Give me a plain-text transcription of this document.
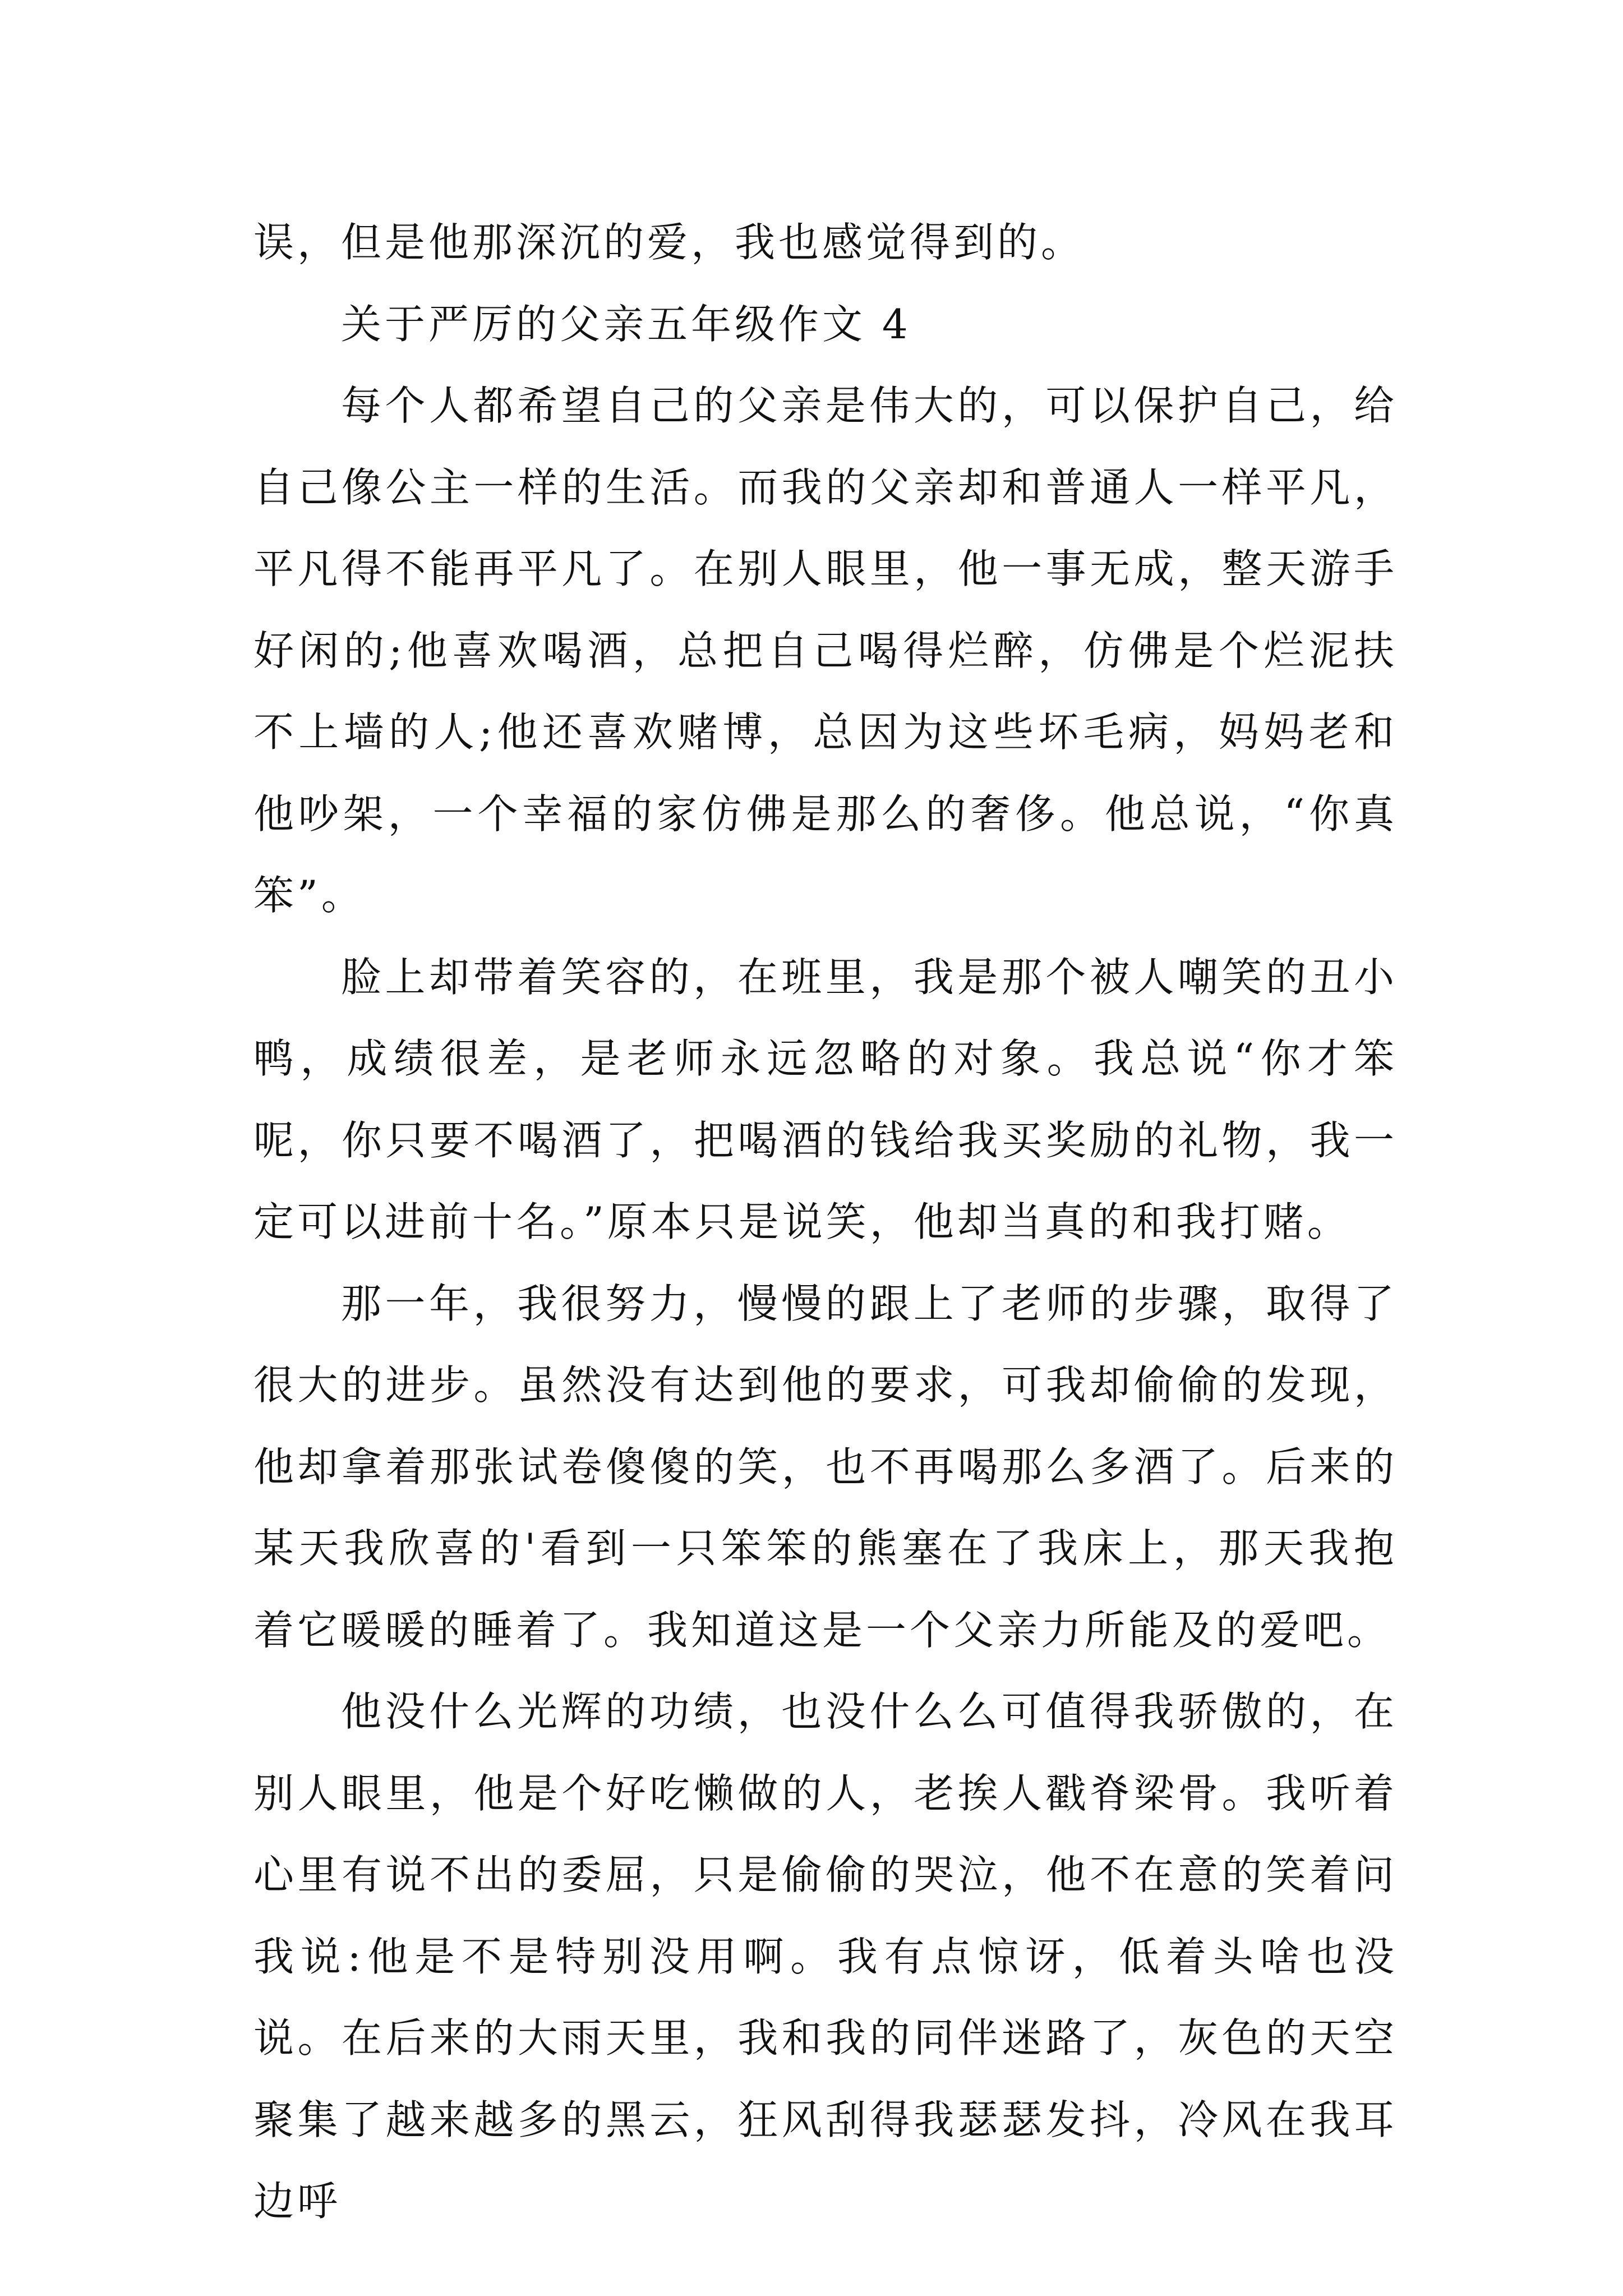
误，但是他那深沉的爱，我也感觉得到的。

关于严厉的父亲五年级作文 4

每个人都希望自己的父亲是伟大的，可以保护自己，给自己像公主一样的生活。而我的父亲却和普通人一样平凡，平凡得不能再平凡了。在别人眼里，他一事无成，整天游手好闲的;他喜欢喝酒，总把自己喝得烂醉，仿佛是个烂泥扶不上墙的人;他还喜欢赌博，总因为这些坏毛病，妈妈老和他吵架，一个幸福的家仿佛是那么的奢侈。他总说，“你真笨”。

脸上却带着笑容的，在班里，我是那个被人嘲笑的丑小鸭，成绩很差，是老师永远忽略的对象。我总说“你才笨呢，你只要不喝酒了，把喝酒的钱给我买奖励的礼物，我一定可以进前十名。”原本只是说笑，他却当真的和我打赌。

那一年，我很努力，慢慢的跟上了老师的步骤，取得了很大的进步。虽然没有达到他的要求，可我却偷偷的发现，他却拿着那张试卷傻傻的笑，也不再喝那么多酒了。后来的某天我欣喜的'看到一只笨笨的熊塞在了我床上，那天我抱着它暖暖的睡着了。我知道这是一个父亲力所能及的爱吧。

他没什么光辉的功绩，也没什么么可值得我骄傲的，在别人眼里，他是个好吃懒做的人，老挨人戳脊梁骨。我听着心里有说不出的委屈，只是偷偷的哭泣，他不在意的笑着问我说:他是不是特别没用啊。我有点惊讶，低着头啥也没说。在后来的大雨天里，我和我的同伴迷路了，灰色的天空聚集了越来越多的黑云，狂风刮得我瑟瑟发抖，冷风在我耳边呼
